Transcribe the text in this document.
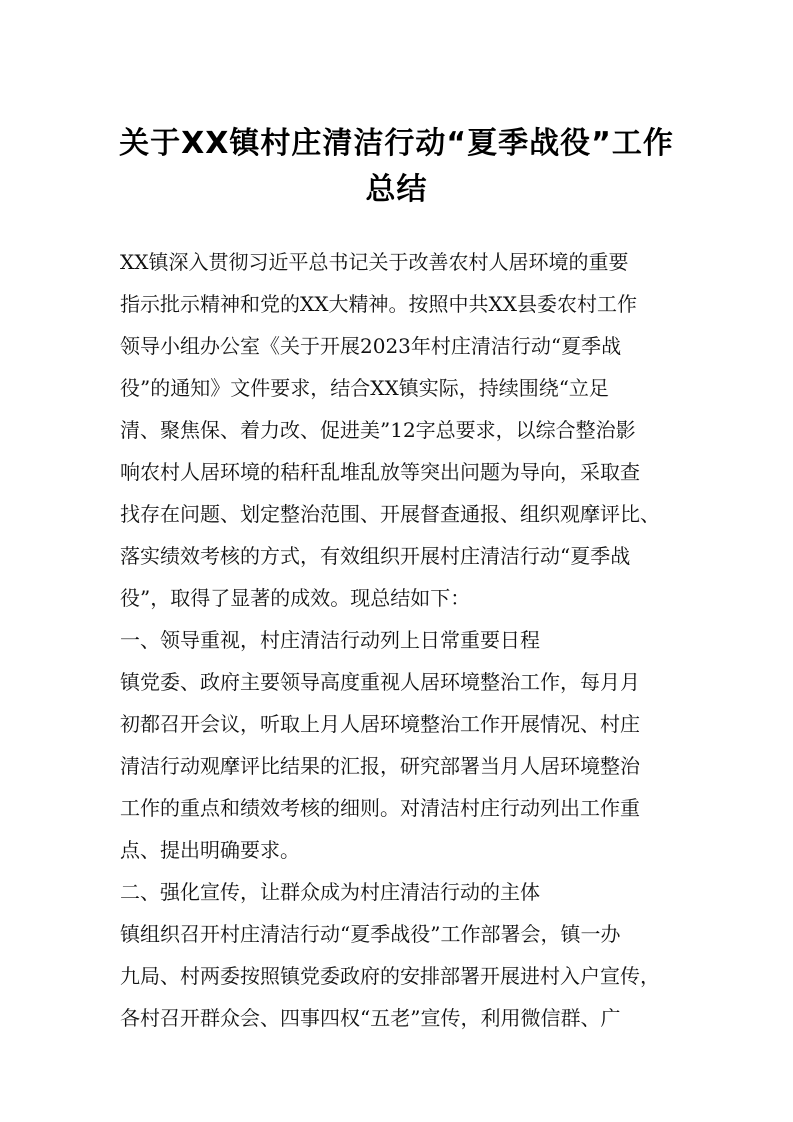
关于XX镇村庄清洁行动“夏季战役”工作
总结
XX镇深入贯彻习近平总书记关于改善农村人居环境的重要
指示批示精神和党的XX大精神。按照中共XX县委农村工作
领导小组办公室《关于开展2023年村庄清洁行动“夏季战
役”的通知》文件要求，结合XX镇实际，持续围绕“立足
清、聚焦保、着力改、促进美”12字总要求，以综合整治影
响农村人居环境的秸秆乱堆乱放等突出问题为导向，采取查
找存在问题、划定整治范围、开展督查通报、组织观摩评比、
落实绩效考核的方式，有效组织开展村庄清洁行动“夏季战
役”，取得了显著的成效。现总结如下：
一、领导重视，村庄清洁行动列上日常重要日程
镇党委、政府主要领导高度重视人居环境整治工作，每月月
初都召开会议，听取上月人居环境整治工作开展情况、村庄
清洁行动观摩评比结果的汇报，研究部署当月人居环境整治
工作的重点和绩效考核的细则。对清洁村庄行动列出工作重
点、提出明确要求。
二、强化宣传，让群众成为村庄清洁行动的主体
镇组织召开村庄清洁行动“夏季战役”工作部署会，镇一办
九局、村两委按照镇党委政府的安排部署开展进村入户宣传，
各村召开群众会、四事四权“五老”宣传，利用微信群、广
